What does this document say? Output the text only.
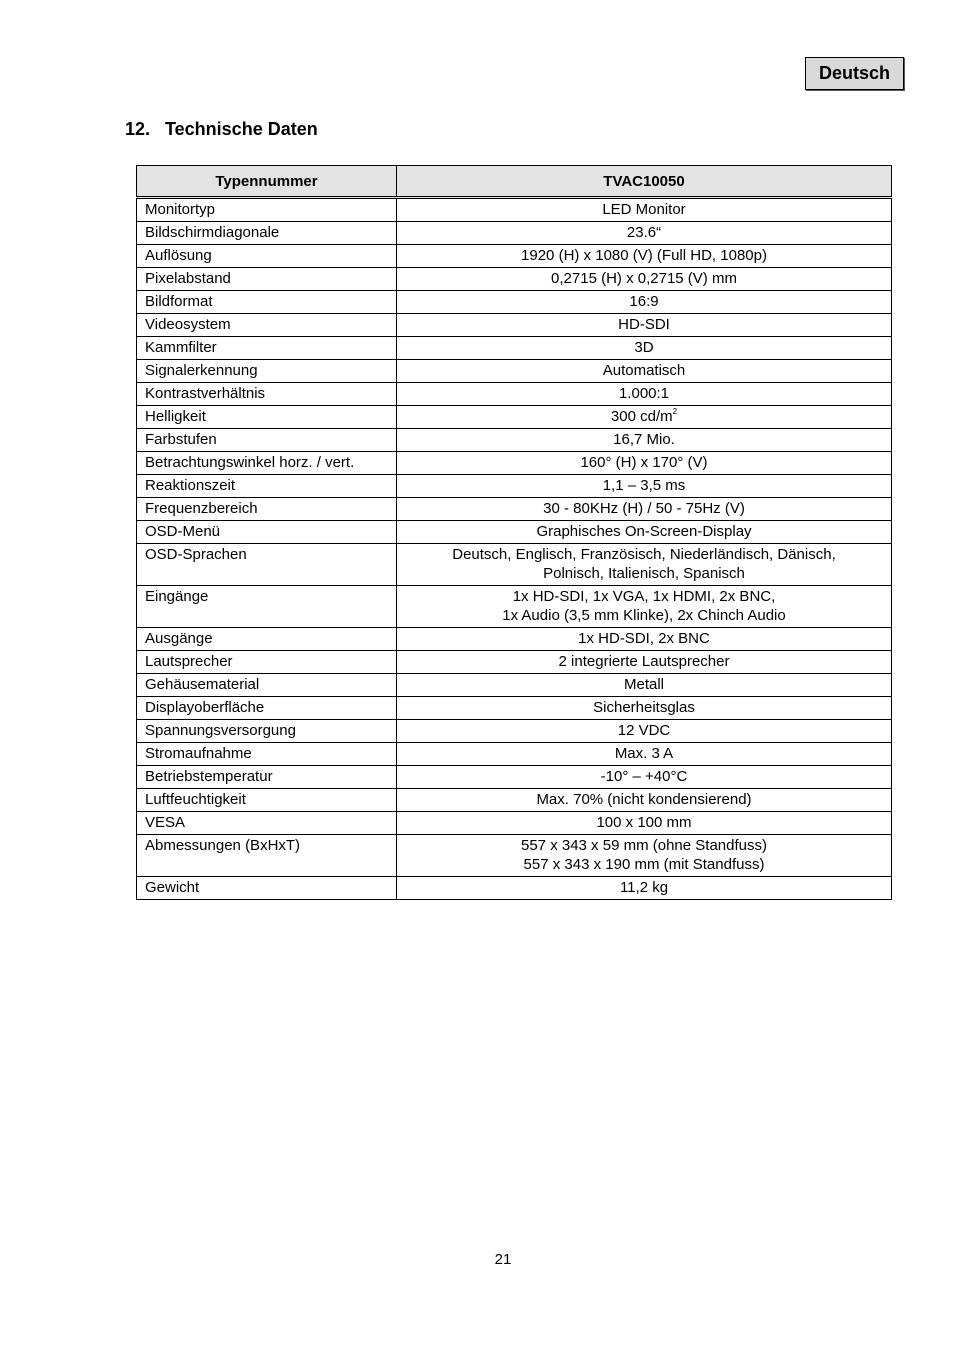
Deutsch
12. Technische Daten
Typennummer	TVAC10050
Monitortyp	LED Monitor

Bildschirmdiagonale	23.6“

Auflösung	1920 (H) x 1080 (V) (Full HD, 1080p)

Pixelabstand	0,2715 (H) x 0,2715 (V) mm

Bildformat	16:9

Videosystem	HD-SDI

Kammfilter	3D

Signalerkennung	Automatisch

Kontrastverhältnis	1.000:1

Helligkeit	300 $cd/m^2$

Farbstufen	16,7 Mio.

Betrachtungswinkel horz. / vert.	160° (H) x 170° (V)

Reaktionszeit	1,1 – 3,5 ms

Frequenzbereich	30 - 80KHz (H) / 50 - 75Hz (V)

OSD-Menü	Graphisches On-Screen-Display

OSD-Sprachen	Deutsch, Englisch, Französisch, Niederländisch, Dänisch,
Polnisch, Italienisch, Spanisch

Eingänge	1x HD-SDI, 1x VGA, 1x HDMI, 2x BNC,
1x Audio (3,5 mm Klinke), 2x Chinch Audio

Ausgänge	1x HD-SDI, 2x BNC

Lautsprecher	2 integrierte Lautsprecher

Gehäusematerial	Metall

Displayoberfläche	Sicherheitsglas

Spannungsversorgung	12 VDC

Stromaufnahme	Max. 3 A

Betriebstemperatur	-10° – +40°C

Luftfeuchtigkeit	Max. 70% (nicht kondensierend)

VESA	100 x 100 mm

Abmessungen (BxHxT)	557 x 343 x 59 mm (ohne Standfuss)
557 x 343 x 190 mm (mit Standfuss)

Gewicht	11,2 kg
21
